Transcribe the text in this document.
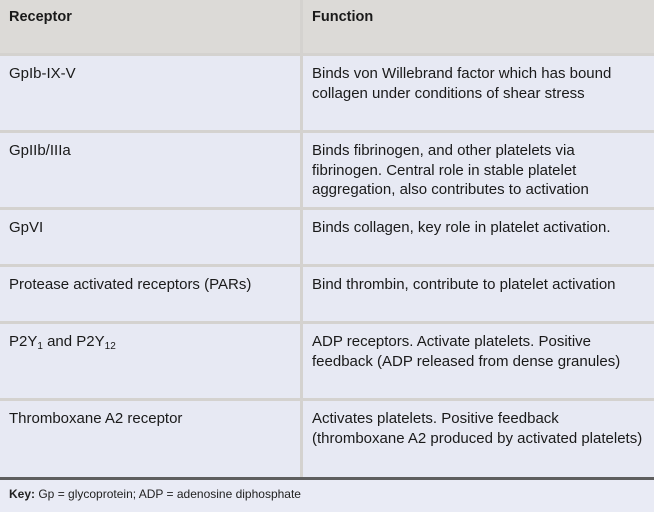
Receptor	Function
GpIb-IX-V	Binds von Willebrand factor which has bound collagen under conditions of shear stress
GpIIb/IIIa	Binds fibrinogen, and other platelets via fibrinogen. Central role in stable platelet aggregation, also contributes to activation
GpVI	Binds collagen, key role in platelet activation.
Protease activated receptors (PARs)	Bind thrombin, contribute to platelet activation
$P2Y_1$ and $P2Y_{12}$	ADP receptors. Activate platelets. Positive feedback (ADP released from dense granules)
Thromboxane A2 receptor	Activates platelets. Positive feedback (thromboxane A2 produced by activated platelets)
Key: Gp = glycoprotein; ADP = adenosine diphosphate
